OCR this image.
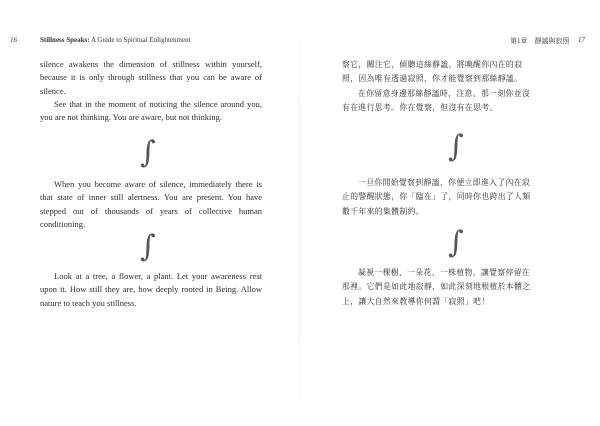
16	Stillness Speaks: A Guide to Spiritual Enlightenment

silence awakens the dimension of stillness within yourself, because it is only through stillness that you can be aware of silence.

See that in the moment of noticing the silence around you, you are not thinking. You are aware, but not thinking.

∫

When you become aware of silence, immediately there is that state of inner still alertness. You are present. You have stepped out of thousands of years of collective human conditioning.

∫

Look at a tree, a flower, a plant. Let your awareness rest upon it. How still they are, how deeply rooted in Being. Allow nature to teach you stillness.

第1章　靜謐與寂照 17

察它，關注它，傾聽這絲靜謐，將喚醒你內在的寂照，因為唯有透過寂照，你才能覺察到那絲靜謐。

在你留意身邊那絲靜謐時，注意，那一刻你並沒有在進行思考。你在覺察，但沒有在思考。

∫

一旦你開始覺察到靜謐，你便立即進入了內在寂止的警醒狀態，你「臨在」了，同時你也跨出了人類數千年來的集體制約。

∫

凝視一棵樹、一朵花、一株植物，讓覺察停留在那裡。它們是如此地寂靜，如此深刻地根植於本體之上，讓大自然來教導你何謂「寂照」吧！
